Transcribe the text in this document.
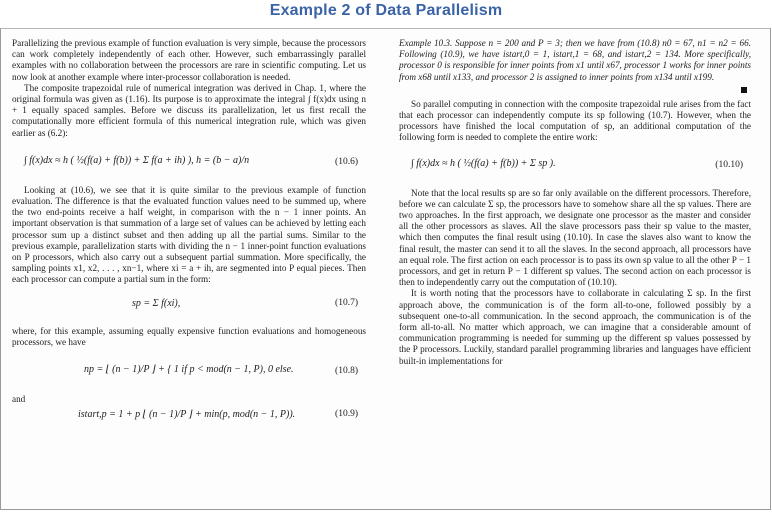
Example 2 of Data Parallelism

Parallelizing the previous example of function evaluation is very simple, because the processors can work completely independently of each other. However, such embarrassingly parallel examples with no collaboration between the processors are rare in scientific computing. Let us now look at another example where inter-processor collaboration is needed.

The composite trapezoidal rule of numerical integration was derived in Chap. 1, where the original formula was given as (1.16). Its purpose is to approximate the integral ∫ f(x)dx using n + 1 equally spaced samples. Before we discuss its parallelization, let us first recall the computationally more efficient formula of this numerical integration rule, which was given earlier as (6.2):

∫ f(x)dx ≈ h ( ½(f(a) + f(b)) + Σ f(a + ih) ), h = (b − a)/n	(10.6)

Looking at (10.6), we see that it is quite similar to the previous example of function evaluation. The difference is that the evaluated function values need to be summed up, where the two end-points receive a half weight, in comparison with the n − 1 inner points. An important observation is that summation of a large set of values can be achieved by letting each processor sum up a distinct subset and then adding up all the partial sums. Similar to the previous example, parallelization starts with dividing the n − 1 inner-point function evaluations on P processors, which also carry out a subsequent partial summation. More specifically, the sampling points x1, x2, . . . , xn−1, where xi = a + ih, are segmented into P equal pieces. Then each processor can compute a partial sum in the form:

sp = Σ f(xi),	(10.7)

where, for this example, assuming equally expensive function evaluations and homogeneous processors, we have

np = ⌊ (n − 1)/P ⌋ + { 1 if p < mod(n − 1, P), 0 else.	(10.8)

and

istart,p = 1 + p ⌊ (n − 1)/P ⌋ + min(p, mod(n − 1, P)).	(10.9)

Example 10.3. Suppose n = 200 and P = 3; then we have from (10.8) n0 = 67, n1 = n2 = 66. Following (10.9), we have istart,0 = 1, istart,1 = 68, and istart,2 = 134. More specifically, processor 0 is responsible for inner points from x1 until x67, processor 1 works for inner points from x68 until x133, and processor 2 is assigned to inner points from x134 until x199.

So parallel computing in connection with the composite trapezoidal rule arises from the fact that each processor can independently compute its sp following (10.7). However, when the processors have finished the local computation of sp, an additional computation of the following form is needed to complete the entire work:

∫ f(x)dx ≈ h ( ½(f(a) + f(b)) + Σ sp ).	(10.10)

Note that the local results sp are so far only available on the different processors. Therefore, before we can calculate Σ sp, the processors have to somehow share all the sp values. There are two approaches. In the first approach, we designate one processor as the master and consider all the other processors as slaves. All the slave processors pass their sp value to the master, which then computes the final result using (10.10). In case the slaves also want to know the final result, the master can send it to all the slaves. In the second approach, all processors have an equal role. The first action on each processor is to pass its own sp value to all the other P − 1 processors, and get in return P − 1 different sp values. The second action on each processor is then to independently carry out the computation of (10.10).

It is worth noting that the processors have to collaborate in calculating Σ sp. In the first approach above, the communication is of the form all-to-one, followed possibly by a subsequent one-to-all communication. In the second approach, the communication is of the form all-to-all. No matter which approach, we can imagine that a considerable amount of communication programming is needed for summing up the different sp values possessed by the P processors. Luckily, standard parallel programming libraries and languages have efficient built-in implementations for
